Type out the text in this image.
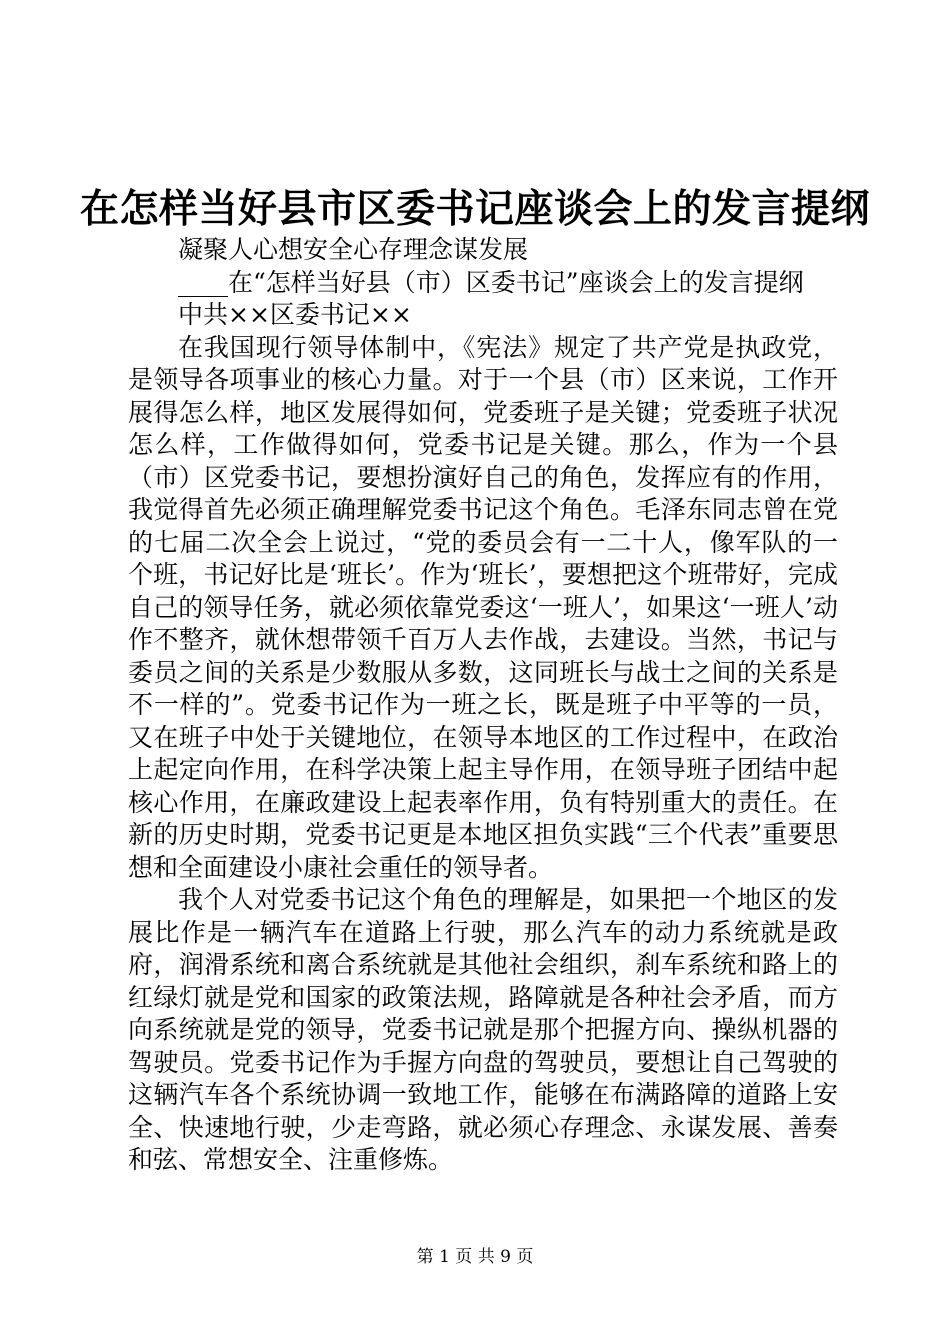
在怎样当好县市区委书记座谈会上的发言提纲

凝聚人心想安全心存理念谋发展

____在“怎样当好县（市）区委书记”座谈会上的发言提纲

中共××区委书记××

在我国现行领导体制中，《宪法》规定了共产党是执政党，是领导各项事业的核心力量。对于一个县（市）区来说，工作开展得怎么样，地区发展得如何，党委班子是关键；党委班子状况怎么样，工作做得如何，党委书记是关键。那么，作为一个县（市）区党委书记，要想扮演好自己的角色，发挥应有的作用，我觉得首先必须正确理解党委书记这个角色。毛泽东同志曾在党的七届二次全会上说过，“党的委员会有一二十人，像军队的一个班，书记好比是‘班长’。作为‘班长’，要想把这个班带好，完成自己的领导任务，就必须依靠党委这‘一班人’，如果这‘一班人’动作不整齐，就休想带领千百万人去作战，去建设。当然，书记与委员之间的关系是少数服从多数，这同班长与战士之间的关系是不一样的”。党委书记作为一班之长，既是班子中平等的一员，又在班子中处于关键地位，在领导本地区的工作过程中，在政治上起定向作用，在科学决策上起主导作用，在领导班子团结中起核心作用，在廉政建设上起表率作用，负有特别重大的责任。在新的历史时期，党委书记更是本地区担负实践“三个代表”重要思想和全面建设小康社会重任的领导者。

我个人对党委书记这个角色的理解是，如果把一个地区的发展比作是一辆汽车在道路上行驶，那么汽车的动力系统就是政府，润滑系统和离合系统就是其他社会组织，刹车系统和路上的红绿灯就是党和国家的政策法规，路障就是各种社会矛盾，而方向系统就是党的领导，党委书记就是那个把握方向、操纵机器的驾驶员。党委书记作为手握方向盘的驾驶员，要想让自己驾驶的这辆汽车各个系统协调一致地工作，能够在布满路障的道路上安全、快速地行驶，少走弯路，就必须心存理念、永谋发展、善奏和弦、常想安全、注重修炼。

第 1 页 共 9 页
